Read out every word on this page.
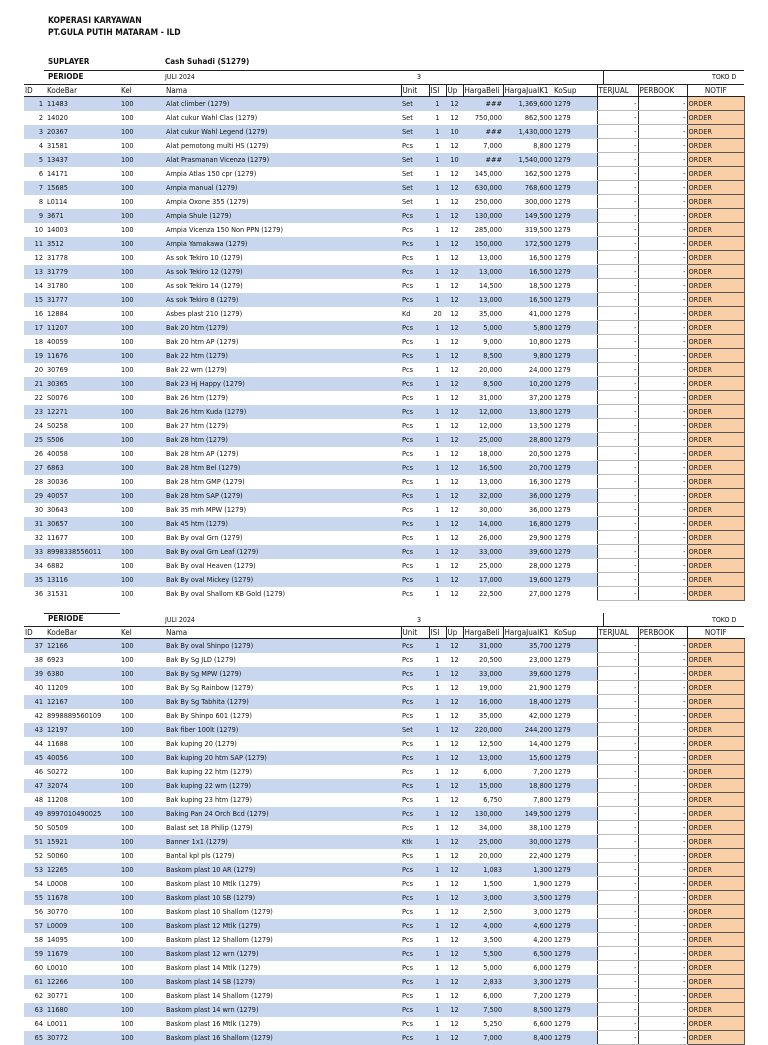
KOPERASI KARYAWAN
PT.GULA PUTIH MATARAM - ILD
SUPLAYER	Cash Suhadi (S1279)
PERIODE	JULI 2024	3	TOKO D
ID	KodeBar	Kel	Nama	Unit	ISI	Up	HargaBeli	HargaJualK1	KoSup	TERJUAL	PERBOOK	NOTIF
1	11483	100	Alat climber (1279)	Set	1	12	###	1,369,600	1279	-	-	ORDER
2	14020	100	Alat cukur Wahl Clas (1279)	Set	1	12	750,000	862,500	1279	-	-	ORDER
3	20367	100	Alat cukur Wahl Legend (1279)	Set	1	10	###	1,430,000	1279	-	-	ORDER
4	31581	100	Alat pemotong multi HS (1279)	Pcs	1	12	7,000	8,800	1279	-	-	ORDER
5	13437	100	Alat Prasmanan Vicenza (1279)	Set	1	10	###	1,540,000	1279	-	-	ORDER
6	14171	100	Ampia Atlas 150 cpr (1279)	Set	1	12	145,000	162,500	1279	-	-	ORDER
7	15685	100	Ampia manual (1279)	Set	1	12	630,000	768,600	1279	-	-	ORDER
8	L0114	100	Ampia Oxone 355 (1279)	Set	1	12	250,000	300,000	1279	-	-	ORDER
9	3671	100	Ampia Shule (1279)	Pcs	1	12	130,000	149,500	1279	-	-	ORDER
10	14003	100	Ampia Vicenza 150 Non PPN (1279)	Pcs	1	12	285,000	319,500	1279	-	-	ORDER
11	3512	100	Ampia Yamakawa (1279)	Pcs	1	12	150,000	172,500	1279	-	-	ORDER
12	31778	100	As sok Tekiro 10 (1279)	Pcs	1	12	13,000	16,500	1279	-	-	ORDER
13	31779	100	As sok Tekiro 12 (1279)	Pcs	1	12	13,000	16,500	1279	-	-	ORDER
14	31780	100	As sok Tekiro 14 (1279)	Pcs	1	12	14,500	18,500	1279	-	-	ORDER
15	31777	100	As sok Tekiro 8 (1279)	Pcs	1	12	13,000	16,500	1279	-	-	ORDER
16	12884	100	Asbes plast 210 (1279)	Kd	20	12	35,000	41,000	1279	-	-	ORDER
17	11207	100	Bak 20 htm (1279)	Pcs	1	12	5,000	5,800	1279	-	-	ORDER
18	40059	100	Bak 20 htm AP (1279)	Pcs	1	12	9,000	10,800	1279	-	-	ORDER
19	11676	100	Bak 22 htm (1279)	Pcs	1	12	8,500	9,800	1279	-	-	ORDER
20	30769	100	Bak 22 wrn (1279)	Pcs	1	12	20,000	24,000	1279	-	-	ORDER
21	30365	100	Bak 23 Hj Happy (1279)	Pcs	1	12	8,500	10,200	1279	-	-	ORDER
22	S0076	100	Bak 26 htm (1279)	Pcs	1	12	31,000	37,200	1279	-	-	ORDER
23	12271	100	Bak 26 htm Kuda (1279)	Pcs	1	12	12,000	13,800	1279	-	-	ORDER
24	S0258	100	Bak 27 htm (1279)	Pcs	1	12	12,000	13,500	1279	-	-	ORDER
25	S506	100	Bak 28 htm (1279)	Pcs	1	12	25,000	28,800	1279	-	-	ORDER
26	40058	100	Bak 28 htm AP (1279)	Pcs	1	12	18,000	20,500	1279	-	-	ORDER
27	6863	100	Bak 28 htm Bel (1279)	Pcs	1	12	16,500	20,700	1279	-	-	ORDER
28	30036	100	Bak 28 htm GMP (1279)	Pcs	1	12	13,000	16,300	1279	-	-	ORDER
29	40057	100	Bak 28 htm SAP (1279)	Pcs	1	12	32,000	36,000	1279	-	-	ORDER
30	30643	100	Bak 35 mrh MPW (1279)	Pcs	1	12	30,000	36,000	1279	-	-	ORDER
31	30657	100	Bak 45 htm (1279)	Pcs	1	12	14,000	16,800	1279	-	-	ORDER
32	11677	100	Bak By oval Grn (1279)	Pcs	1	12	26,000	29,900	1279	-	-	ORDER
33	8998338556011	100	Bak By oval Grn Leaf (1279)	Pcs	1	12	33,000	39,600	1279	-	-	ORDER
34	6882	100	Bak By oval Heaven (1279)	Pcs	1	12	25,000	28,000	1279	-	-	ORDER
35	13116	100	Bak By oval Mickey (1279)	Pcs	1	12	17,000	19,600	1279	-	-	ORDER
36	31531	100	Bak By oval Shallom KB Gold (1279)	Pcs	1	12	22,500	27,000	1279	-	-	ORDER
PERIODE	JULI 2024	3	TOKO D
ID	KodeBar	Kel	Nama	Unit	ISI	Up	HargaBeli	HargaJualK1	KoSup	TERJUAL	PERBOOK	NOTIF
37	12166	100	Bak By oval Shinpo (1279)	Pcs	1	12	31,000	35,700	1279	-	-	ORDER
38	6923	100	Bak By Sg JLD (1279)	Pcs	1	12	20,500	23,000	1279	-	-	ORDER
39	6380	100	Bak By Sg MPW (1279)	Pcs	1	12	33,000	39,600	1279	-	-	ORDER
40	11209	100	Bak By Sg Rainbow (1279)	Pcs	1	12	19,000	21,900	1279	-	-	ORDER
41	12167	100	Bak By Sg Tabhita (1279)	Pcs	1	12	16,000	18,400	1279	-	-	ORDER
42	8998889560109	100	Bak By Shinpo 601 (1279)	Pcs	1	12	35,000	42,000	1279	-	-	ORDER
43	12197	100	Bak fiber 100lt (1279)	Set	1	12	220,000	244,200	1279	-	-	ORDER
44	11688	100	Bak kuping 20 (1279)	Pcs	1	12	12,500	14,400	1279	-	-	ORDER
45	40056	100	Bak kuping 20 htm SAP (1279)	Pcs	1	12	13,000	15,600	1279	-	-	ORDER
46	S0272	100	Bak kuping 22 htm (1279)	Pcs	1	12	6,000	7,200	1279	-	-	ORDER
47	32074	100	Bak kuping 22 wrn (1279)	Pcs	1	12	15,000	18,800	1279	-	-	ORDER
48	11208	100	Bak kuping 23 htm (1279)	Pcs	1	12	6,750	7,800	1279	-	-	ORDER
49	8997010490025	100	Baking Pan 24 Orch Bcd (1279)	Pcs	1	12	130,000	149,500	1279	-	-	ORDER
50	S0509	100	Balast set 18 Philip (1279)	Pcs	1	12	34,000	38,100	1279	-	-	ORDER
51	15921	100	Banner 1x1 (1279)	Ktk	1	12	25,000	30,000	1279	-	-	ORDER
52	S0060	100	Bantal kpl pls (1279)	Pcs	1	12	20,000	22,400	1279	-	-	ORDER
53	12265	100	Baskom plast 10 AR (1279)	Pcs	1	12	1,083	1,300	1279	-	-	ORDER
54	L0008	100	Baskom plast 10 Mtlk (1279)	Pcs	1	12	1,500	1,900	1279	-	-	ORDER
55	11678	100	Baskom plast 10 SB (1279)	Pcs	1	12	3,000	3,500	1279	-	-	ORDER
56	30770	100	Baskom plast 10 Shallom (1279)	Pcs	1	12	2,500	3,000	1279	-	-	ORDER
57	L0009	100	Baskom plast 12 Mtlk (1279)	Pcs	1	12	4,000	4,600	1279	-	-	ORDER
58	14095	100	Baskom plast 12 Shallom (1279)	Pcs	1	12	3,500	4,200	1279	-	-	ORDER
59	11679	100	Baskom plast 12 wrn (1279)	Pcs	1	12	5,500	6,500	1279	-	-	ORDER
60	L0010	100	Baskom plast 14 Mtlk (1279)	Pcs	1	12	5,000	6,000	1279	-	-	ORDER
61	12266	100	Baskom plast 14 SB (1279)	Pcs	1	12	2,833	3,300	1279	-	-	ORDER
62	30771	100	Baskom plast 14 Shallom (1279)	Pcs	1	12	6,000	7,200	1279	-	-	ORDER
63	11680	100	Baskom plast 14 wrn (1279)	Pcs	1	12	7,500	8,500	1279	-	-	ORDER
64	L0011	100	Baskom plast 16 Mtlk (1279)	Pcs	1	12	5,250	6,600	1279	-	-	ORDER
65	30772	100	Baskom plast 16 Shallom (1279)	Pcs	1	12	7,000	8,400	1279	-	-	ORDER
